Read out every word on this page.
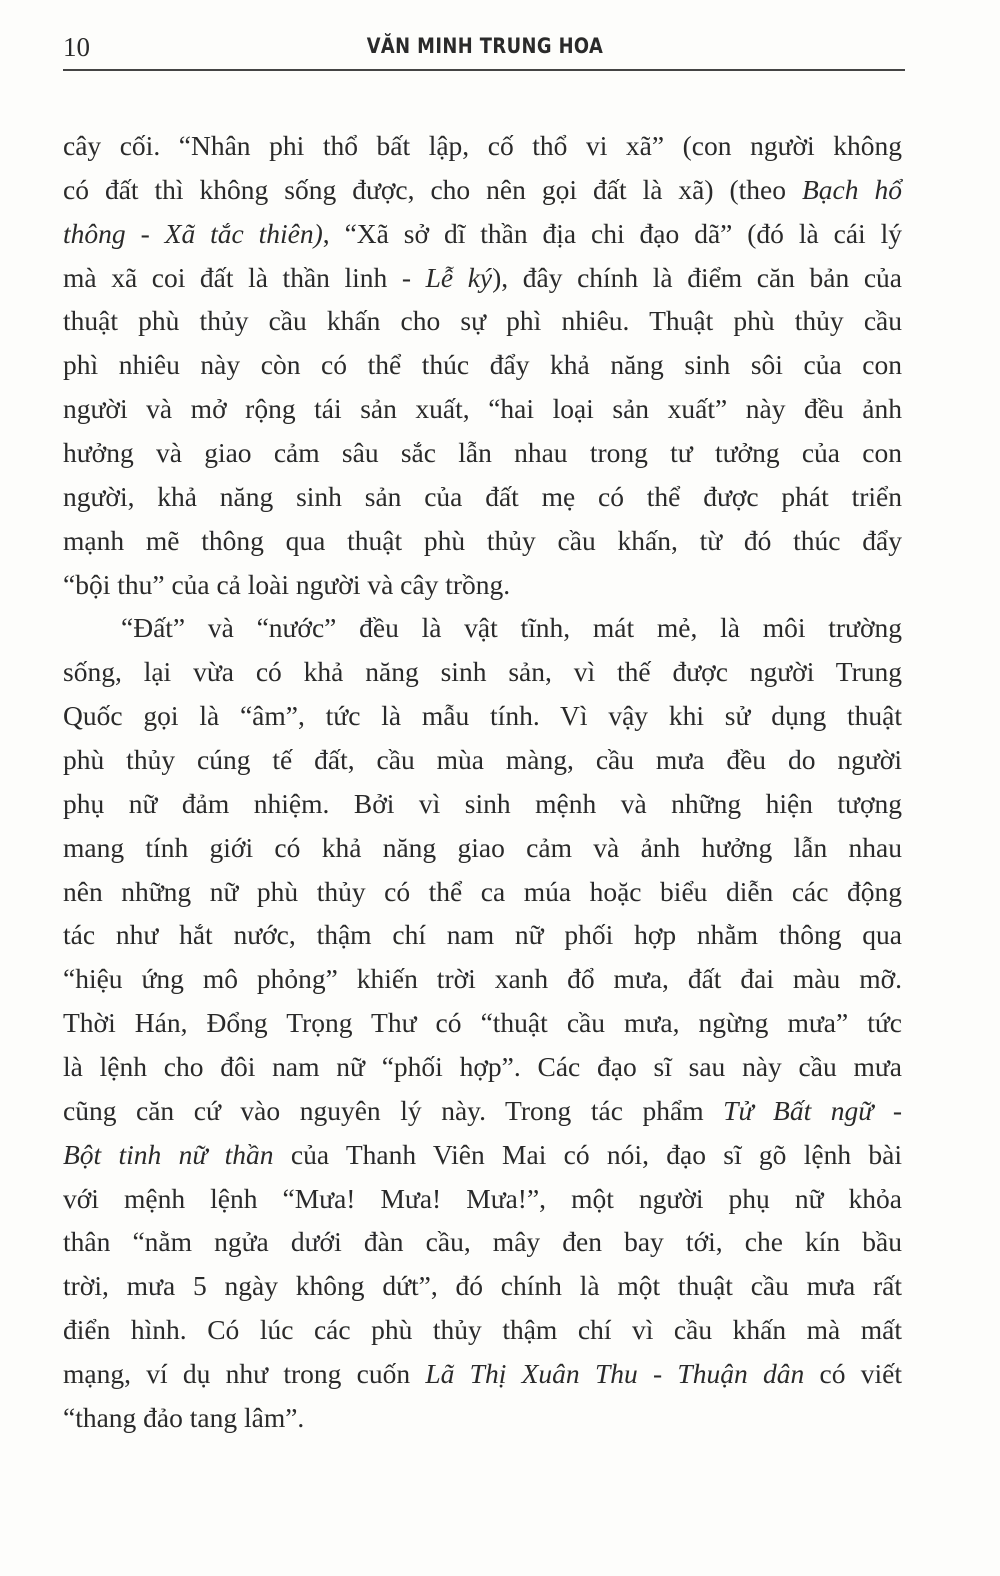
10	VĂN MINH TRUNG HOA
cây cối. “Nhân phi thổ bất lập, cố thổ vi xã” (con người không
có đất thì không sống được, cho nên gọi đất là xã) (theo Bạch hổ
thông - Xã tắc thiên), “Xã sở dĩ thần địa chi đạo dã” (đó là cái lý
mà xã coi đất là thần linh - Lễ ký), đây chính là điểm căn bản của
thuật phù thủy cầu khấn cho sự phì nhiêu. Thuật phù thủy cầu
phì nhiêu này còn có thể thúc đẩy khả năng sinh sôi của con
người và mở rộng tái sản xuất, “hai loại sản xuất” này đều ảnh
hưởng và giao cảm sâu sắc lẫn nhau trong tư tưởng của con
người, khả năng sinh sản của đất mẹ có thể được phát triển
mạnh mẽ thông qua thuật phù thủy cầu khấn, từ đó thúc đẩy
“bội thu” của cả loài người và cây trồng.
“Đất” và “nước” đều là vật tĩnh, mát mẻ, là môi trường
sống, lại vừa có khả năng sinh sản, vì thế được người Trung
Quốc gọi là “âm”, tức là mẫu tính. Vì vậy khi sử dụng thuật
phù thủy cúng tế đất, cầu mùa màng, cầu mưa đều do người
phụ nữ đảm nhiệm. Bởi vì sinh mệnh và những hiện tượng
mang tính giới có khả năng giao cảm và ảnh hưởng lẫn nhau
nên những nữ phù thủy có thể ca múa hoặc biểu diễn các động
tác như hắt nước, thậm chí nam nữ phối hợp nhằm thông qua
“hiệu ứng mô phỏng” khiến trời xanh đổ mưa, đất đai màu mỡ.
Thời Hán, Đổng Trọng Thư có “thuật cầu mưa, ngừng mưa” tức
là lệnh cho đôi nam nữ “phối hợp”. Các đạo sĩ sau này cầu mưa
cũng căn cứ vào nguyên lý này. Trong tác phẩm Tử Bất ngữ -
Bột tinh nữ thần của Thanh Viên Mai có nói, đạo sĩ gõ lệnh bài
với mệnh lệnh “Mưa! Mưa! Mưa!”, một người phụ nữ khỏa
thân “nằm ngửa dưới đàn cầu, mây đen bay tới, che kín bầu
trời, mưa 5 ngày không dứt”, đó chính là một thuật cầu mưa rất
điển hình. Có lúc các phù thủy thậm chí vì cầu khấn mà mất
mạng, ví dụ như trong cuốn Lã Thị Xuân Thu - Thuận dân có viết
“thang đảo tang lâm”.
